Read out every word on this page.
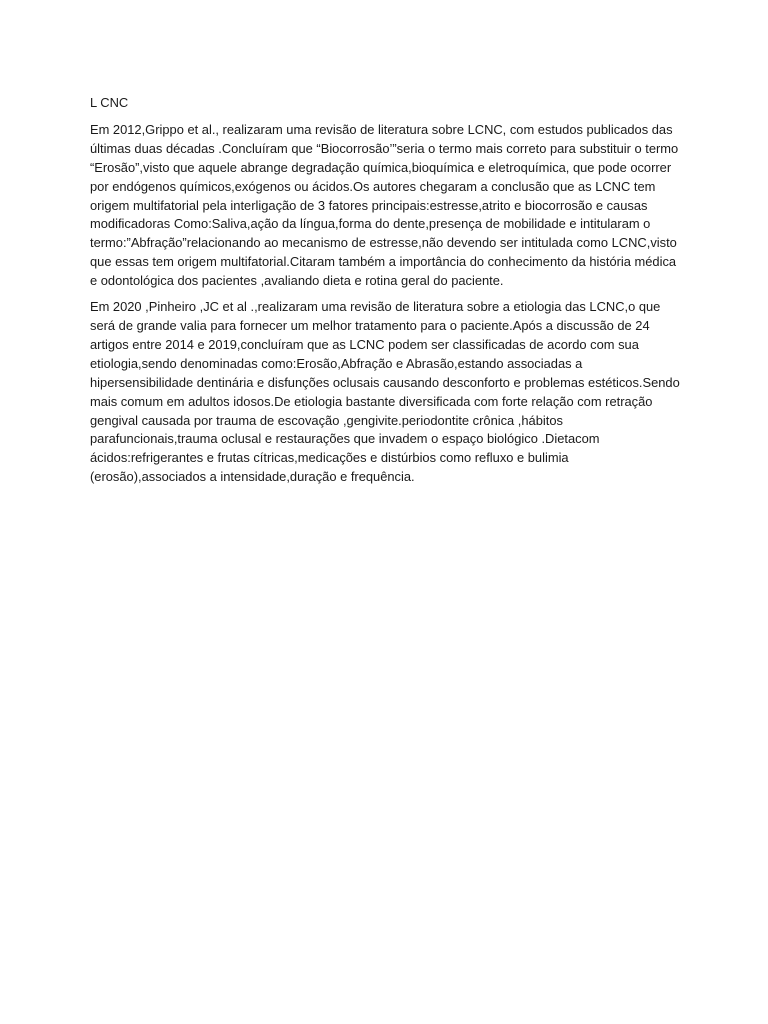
L CNC

Em 2012,Grippo et al., realizaram uma revisão de literatura sobre LCNC, com estudos publicados das últimas duas décadas .Concluíram que “Biocorrosão’”seria o termo mais correto para substituir o termo “Erosão”,visto que aquele abrange degradação química,bioquímica e eletroquímica, que pode ocorrer por endógenos químicos,exógenos ou ácidos.Os autores chegaram a conclusão que as LCNC tem origem multifatorial pela interligação de 3 fatores principais:estresse,atrito e biocorrosão e causas modificadoras Como:Saliva,ação da língua,forma do dente,presença de mobilidade e intitularam o termo:”Abfração”relacionando ao mecanismo de estresse,não devendo ser intitulada como LCNC,visto que essas tem origem multifatorial.Citaram também a importância do conhecimento da história médica e odontológica dos pacientes ,avaliando dieta e rotina geral do paciente.

Em 2020 ,Pinheiro ,JC et al .,realizaram uma revisão de literatura sobre a etiologia das LCNC,o que será de grande valia para fornecer um melhor tratamento para o paciente.Após a discussão de 24 artigos entre 2014 e 2019,concluíram que as LCNC podem ser classificadas de acordo com sua etiologia,sendo denominadas como:Erosão,Abfração e Abrasão,estando associadas a hipersensibilidade dentinária e disfunções oclusais causando desconforto e problemas estéticos.Sendo mais comum em adultos idosos.De etiologia bastante diversificada com forte relação com retração gengival causada por trauma de escovação ,gengivite.periodontite crônica ,hábitos parafuncionais,trauma oclusal e restaurações que invadem o espaço biológico .Dietacom ácidos:refrigerantes e frutas cítricas,medicações e distúrbios como refluxo e bulimia (erosão),associados a intensidade,duração e frequência.
